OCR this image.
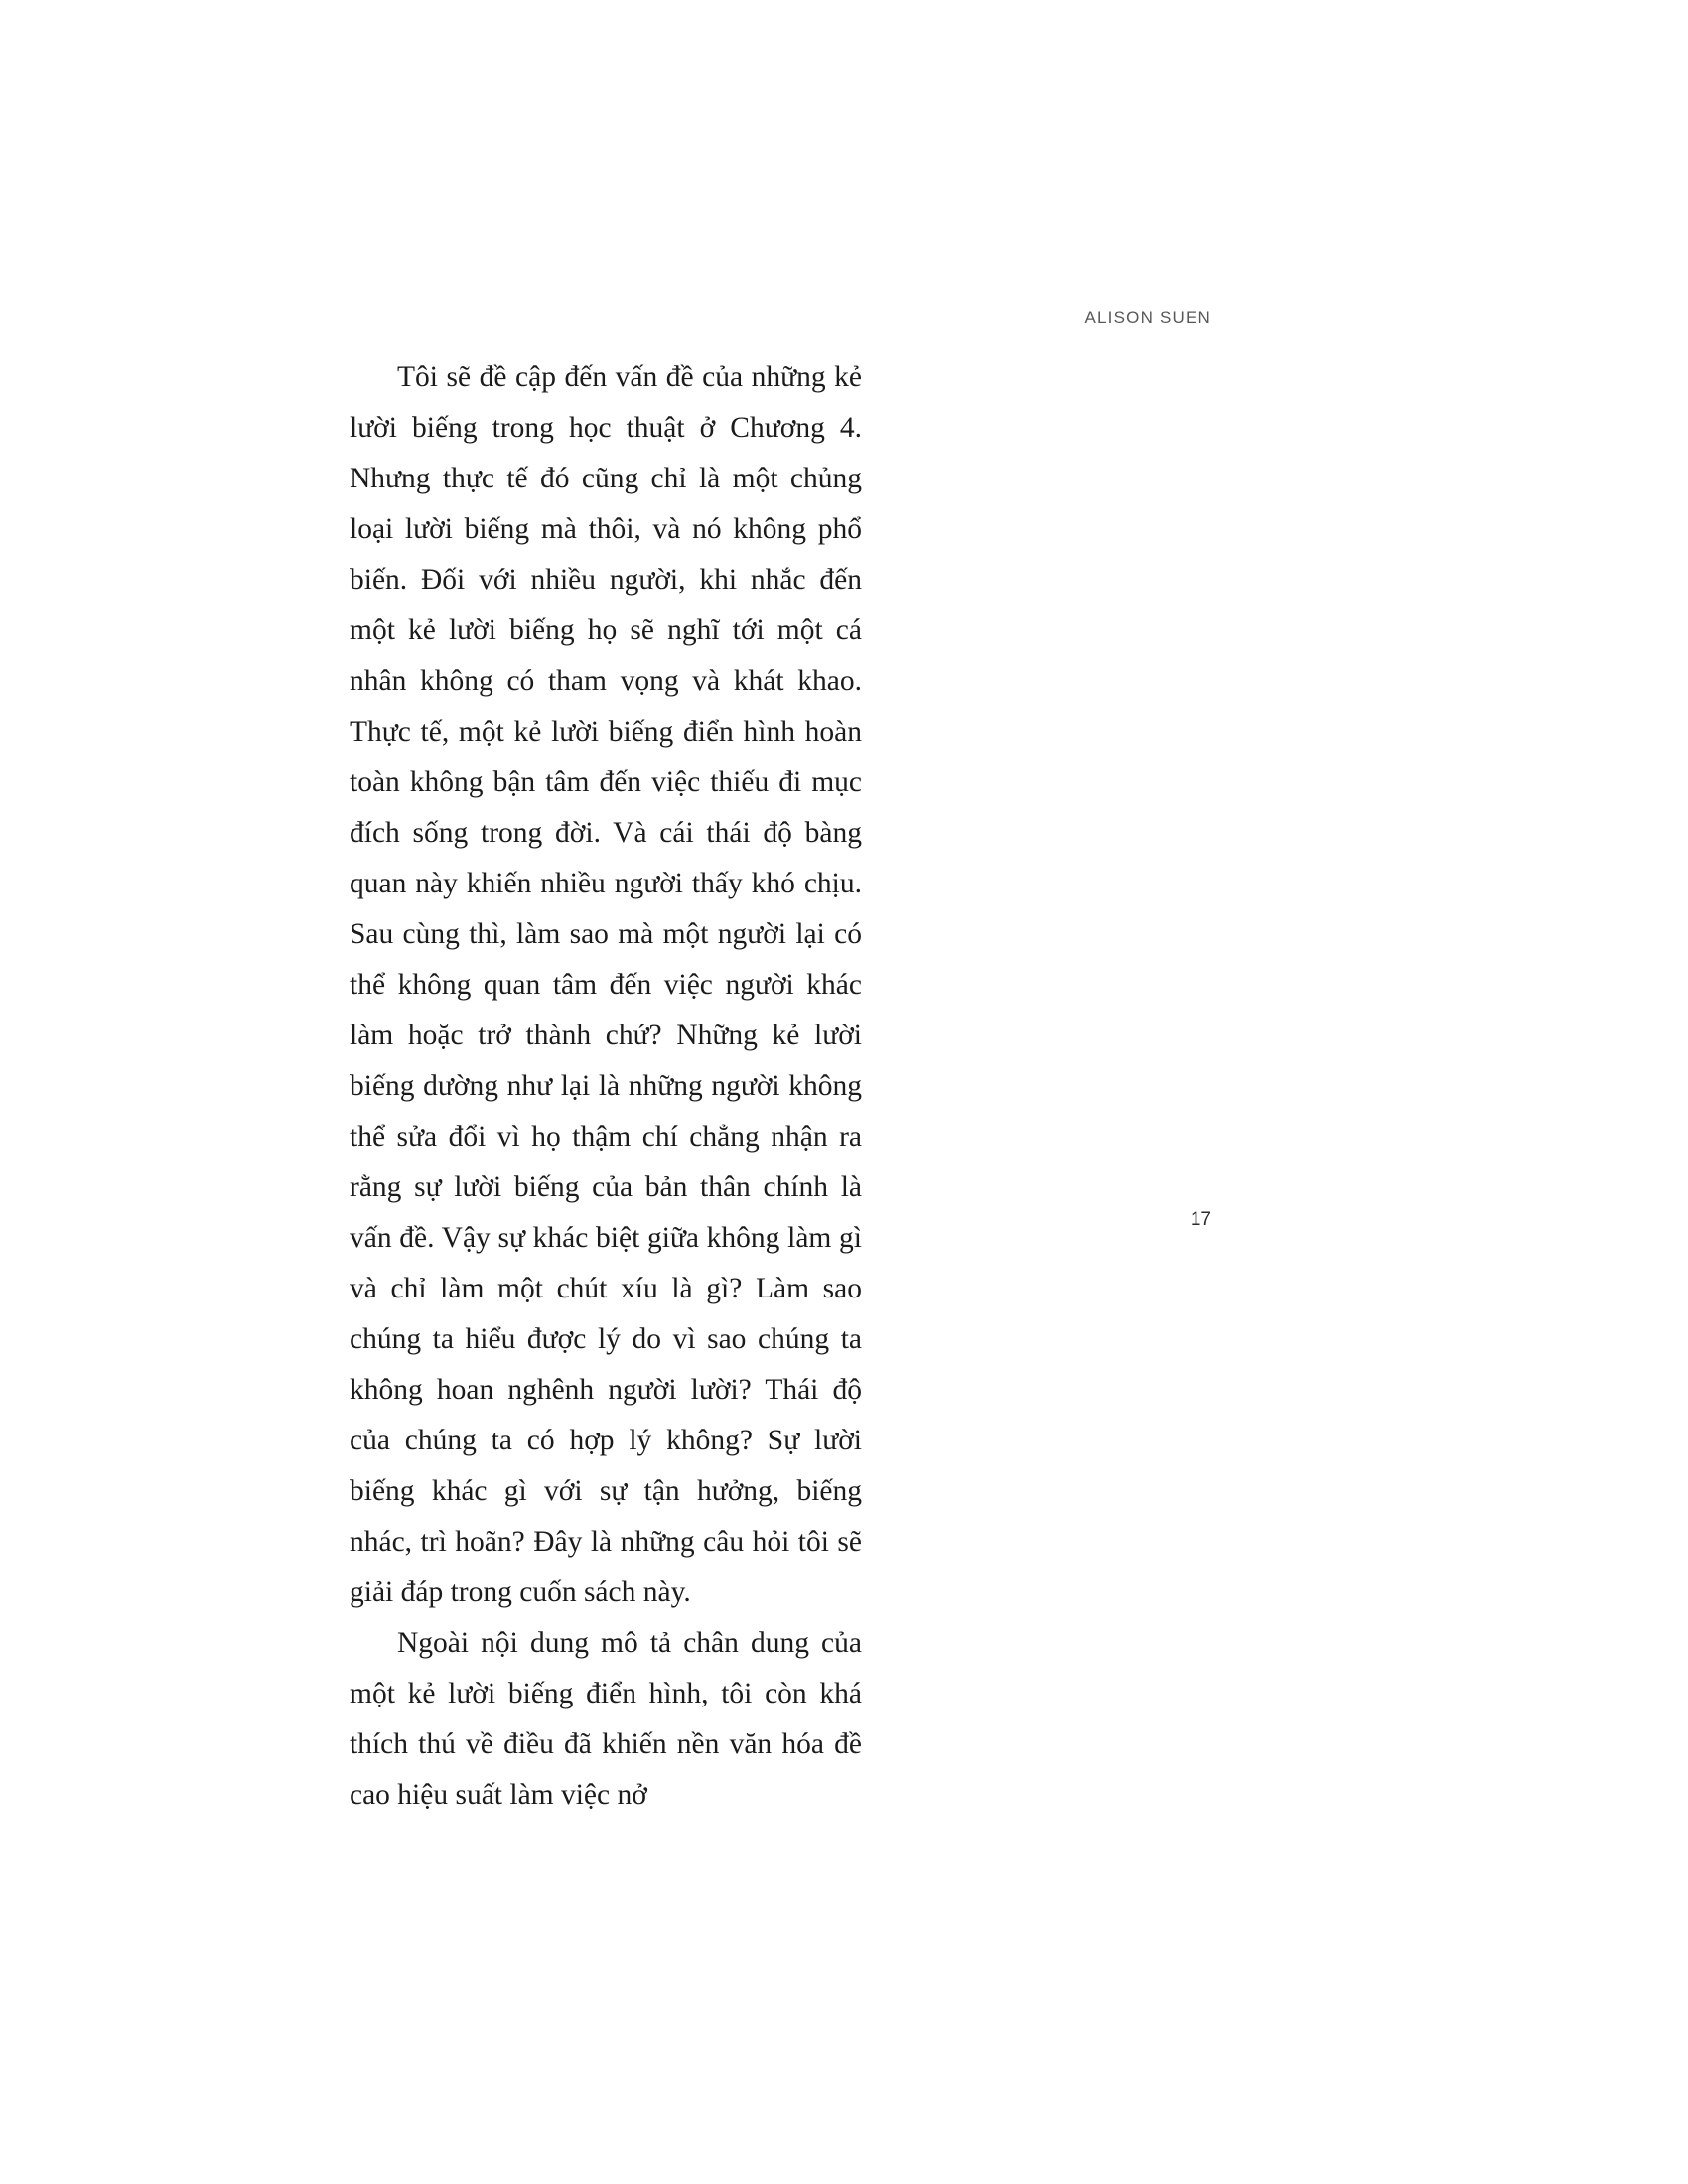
ALISON SUEN

Tôi sẽ đề cập đến vấn đề của những kẻ lười biếng trong học thuật ở Chương 4. Nhưng thực tế đó cũng chỉ là một chủng loại lười biếng mà thôi, và nó không phổ biến. Đối với nhiều người, khi nhắc đến một kẻ lười biếng họ sẽ nghĩ tới một cá nhân không có tham vọng và khát khao. Thực tế, một kẻ lười biếng điển hình hoàn toàn không bận tâm đến việc thiếu đi mục đích sống trong đời. Và cái thái độ bàng quan này khiến nhiều người thấy khó chịu. Sau cùng thì, làm sao mà một người lại có thể không quan tâm đến việc người khác làm hoặc trở thành chứ? Những kẻ lười biếng dường như lại là những người không thể sửa đổi vì họ thậm chí chẳng nhận ra rằng sự lười biếng của bản thân chính là vấn đề. Vậy sự khác biệt giữa không làm gì và chỉ làm một chút xíu là gì? Làm sao chúng ta hiểu được lý do vì sao chúng ta không hoan nghênh người lười? Thái độ của chúng ta có hợp lý không? Sự lười biếng khác gì với sự tận hưởng, biếng nhác, trì hoãn? Đây là những câu hỏi tôi sẽ giải đáp trong cuốn sách này.

Ngoài nội dung mô tả chân dung của một kẻ lười biếng điển hình, tôi còn khá thích thú về điều đã khiến nền văn hóa đề cao hiệu suất làm việc nở

17
